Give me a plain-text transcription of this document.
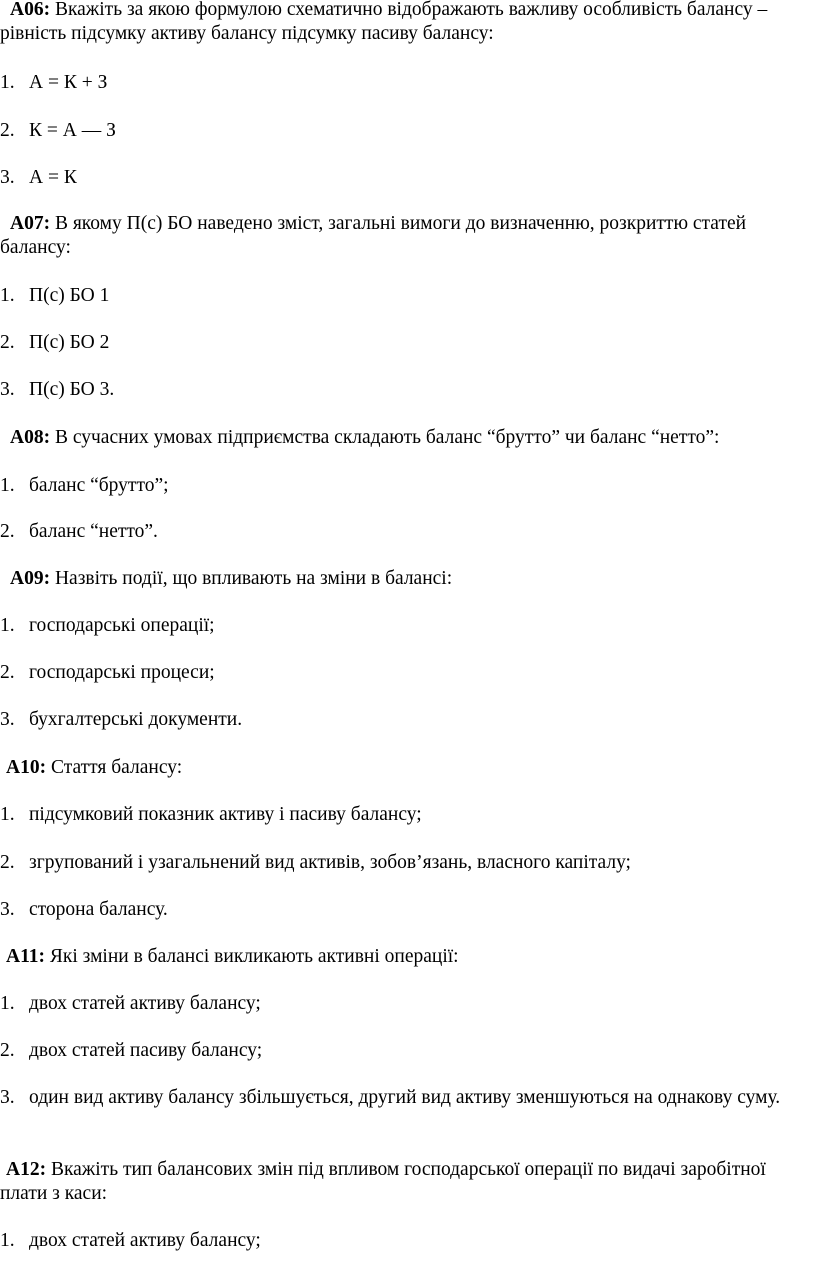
А06: Вкажіть за якою формулою схематично відображають важливу особливість балансу – рівність підсумку активу балансу підсумку пасиву балансу:
1. А = К + З
2. К = А — З
3. А = К
А07: В якому П(с) БО наведено зміст, загальні вимоги до визначенню, розкриттю статей балансу:
1. П(с) БО 1
2. П(с) БО 2
3. П(с) БО 3.
А08: В сучасних умовах підприємства складають баланс “брутто” чи баланс “нетто”:
1. баланс “брутто”;
2. баланс “нетто”.
А09: Назвіть події, що впливають на зміни в балансі:
1. господарські операції;
2. господарські процеси;
3. бухгалтерські документи.
А10: Стаття балансу:
1. підсумковий показник активу і пасиву балансу;
2. згрупований і узагальнений вид активів, зобов’язань, власного капіталу;
3. сторона балансу.
А11: Які зміни в балансі викликають активні операції:
1. двох статей активу балансу;
2. двох статей пасиву балансу;
3. один вид активу балансу збільшується, другий вид активу зменшуються на однакову суму.
А12: Вкажіть тип балансових змін під впливом господарської операції по видачі заробітної плати з каси:
1. двох статей активу балансу;
